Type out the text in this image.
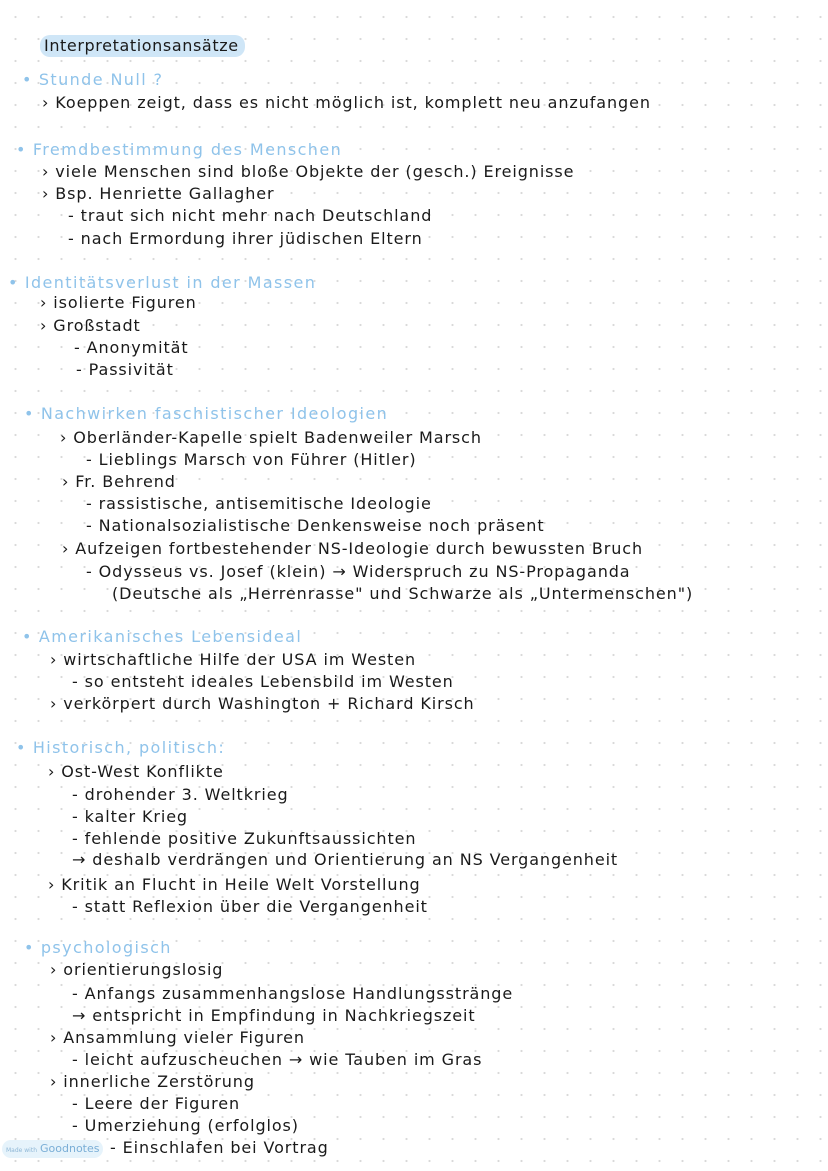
Interpretationsansätze
• Stunde Null ?
› Koeppen zeigt, dass es nicht möglich ist, komplett neu anzufangen
• Fremdbestimmung des Menschen
› viele Menschen sind bloße Objekte der (gesch.) Ereignisse
› Bsp. Henriette Gallagher
- traut sich nicht mehr nach Deutschland
- nach Ermordung ihrer jüdischen Eltern
• Identitätsverlust in der Massen
› isolierte Figuren
› Großstadt
- Anonymität
- Passivität
• Nachwirken faschistischer Ideologien
› Oberländer-Kapelle spielt Badenweiler Marsch
- Lieblings Marsch von Führer (Hitler)
› Fr. Behrend
- rassistische, antisemitische Ideologie
- Nationalsozialistische Denkensweise noch präsent
› Aufzeigen fortbestehender NS-Ideologie durch bewussten Bruch
- Odysseus vs. Josef (klein) → Widerspruch zu NS-Propaganda
(Deutsche als „Herrenrasse" und Schwarze als „Untermenschen")
• Amerikanisches Lebensideal
› wirtschaftliche Hilfe der USA im Westen
- so entsteht ideales Lebensbild im Westen
› verkörpert durch Washington + Richard Kirsch
• Historisch, politisch:
› Ost-West Konflikte
- drohender 3. Weltkrieg
- kalter Krieg
- fehlende positive Zukunftsaussichten
→ deshalb verdrängen und Orientierung an NS Vergangenheit
› Kritik an Flucht in Heile Welt Vorstellung
- statt Reflexion über die Vergangenheit
• psychologisch
› orientierungslosig
- Anfangs zusammenhangslose Handlungsstränge
→ entspricht in Empfindung in Nachkriegszeit
› Ansammlung vieler Figuren
- leicht aufzuscheuchen → wie Tauben im Gras
› innerliche Zerstörung
- Leere der Figuren
- Umerziehung (erfolglos)
- Einschlafen bei Vortrag
Made with Goodnotes
